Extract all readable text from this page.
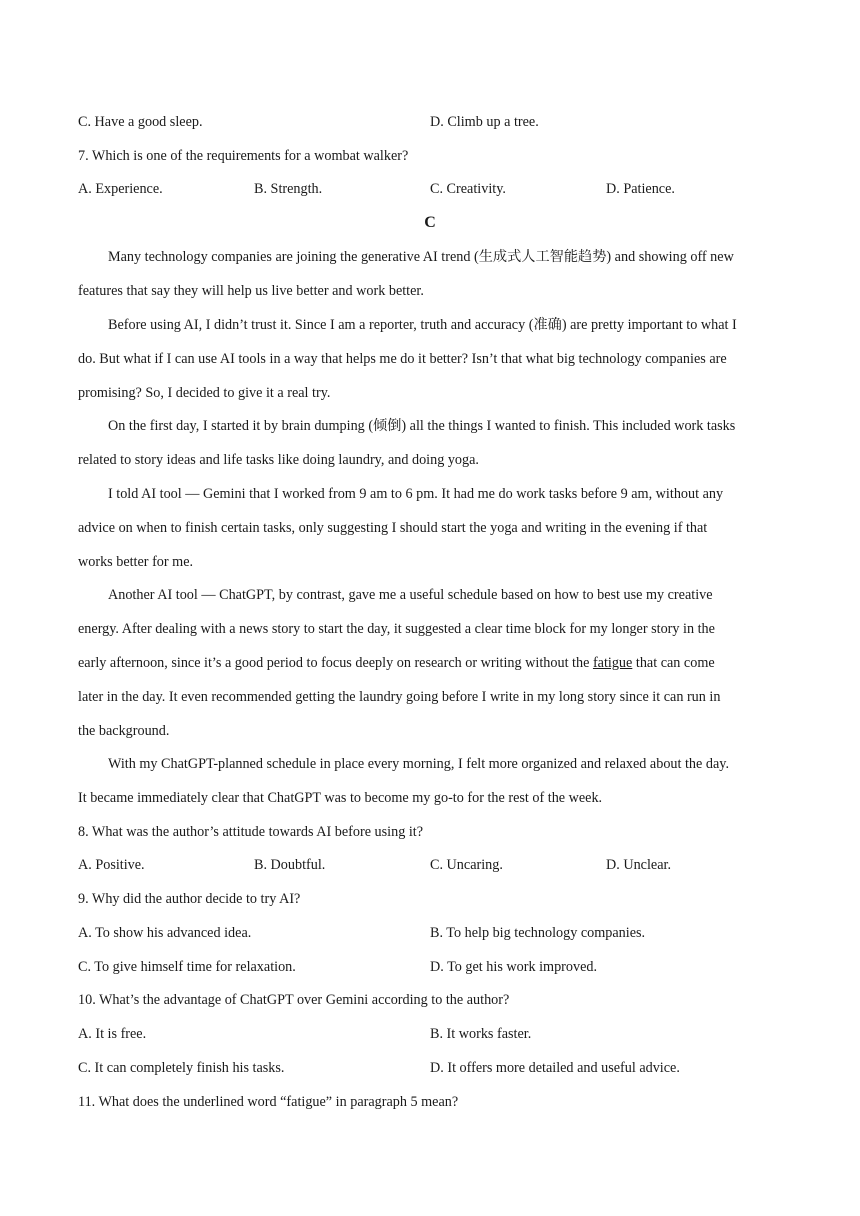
C. Have a good sleep.	D. Climb up a tree.
7. Which is one of the requirements for a wombat walker?
A. Experience.	B. Strength.	C. Creativity.	D. Patience.
C
Many technology companies are joining the generative AI trend (生成式人工智能趋势) and showing off new
features that say they will help us live better and work better.
Before using AI, I didn’t trust it. Since I am a reporter, truth and accuracy (准确) are pretty important to what I
do. But what if I can use AI tools in a way that helps me do it better? Isn’t that what big technology companies are
promising? So, I decided to give it a real try.
On the first day, I started it by brain dumping (倾倒) all the things I wanted to finish. This included work tasks
related to story ideas and life tasks like doing laundry, and doing yoga.
I told AI tool — Gemini that I worked from 9 am to 6 pm. It had me do work tasks before 9 am, without any
advice on when to finish certain tasks, only suggesting I should start the yoga and writing in the evening if that
works better for me.
Another AI tool — ChatGPT, by contrast, gave me a useful schedule based on how to best use my creative
energy. After dealing with a news story to start the day, it suggested a clear time block for my longer story in the
early afternoon, since it’s a good period to focus deeply on research or writing without the fatigue that can come
later in the day. It even recommended getting the laundry going before I write in my long story since it can run in
the background.
With my ChatGPT-planned schedule in place every morning, I felt more organized and relaxed about the day.
It became immediately clear that ChatGPT was to become my go-to for the rest of the week.
8. What was the author’s attitude towards AI before using it?
A. Positive.	B. Doubtful.	C. Uncaring.	D. Unclear.
9. Why did the author decide to try AI?
A. To show his advanced idea.	B. To help big technology companies.
C. To give himself time for relaxation.	D. To get his work improved.
10. What’s the advantage of ChatGPT over Gemini according to the author?
A. It is free.	B. It works faster.
C. It can completely finish his tasks.	D. It offers more detailed and useful advice.
11. What does the underlined word “fatigue” in paragraph 5 mean?
